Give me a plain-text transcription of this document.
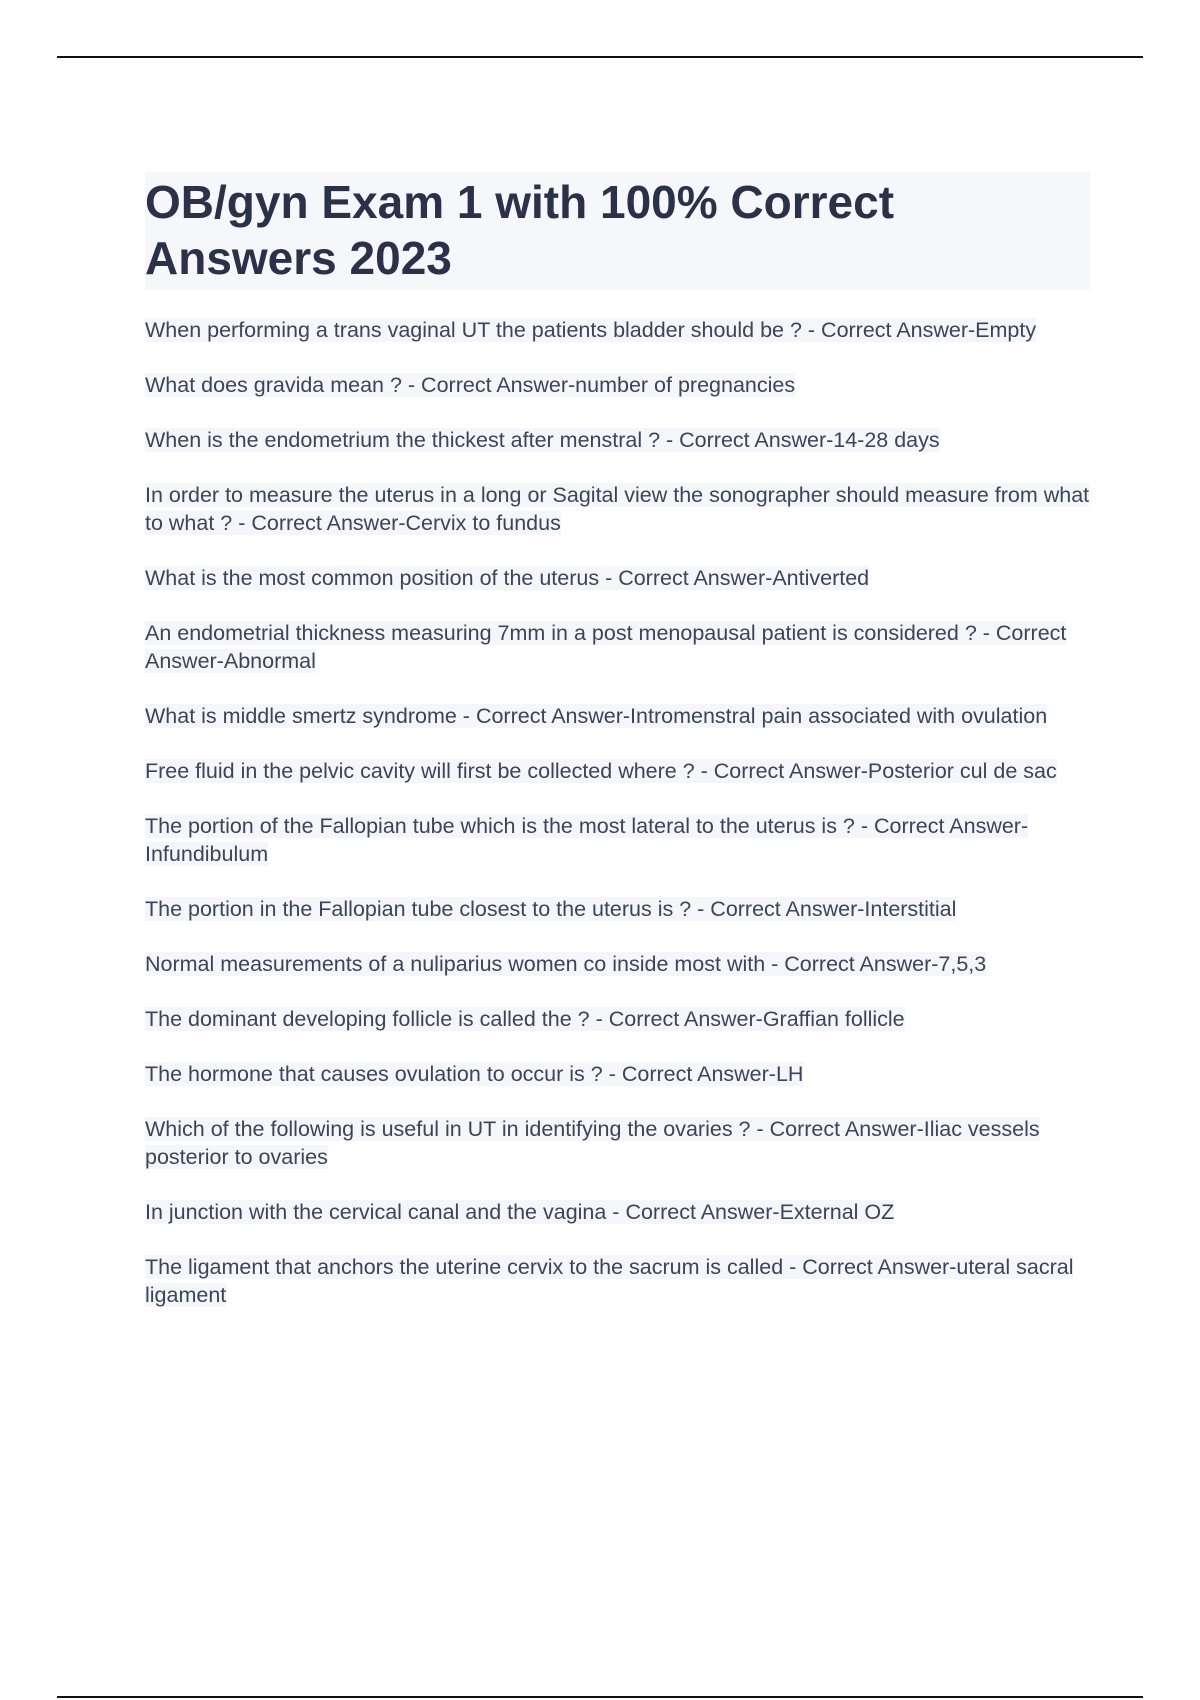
OB/gyn Exam 1 with 100% Correct Answers 2023
When performing a trans vaginal UT the patients bladder should be ? - Correct Answer-Empty
What does gravida mean ? - Correct Answer-number of pregnancies
When is the endometrium the thickest after menstral ? - Correct Answer-14-28 days
In order to measure the uterus in a long or Sagital view the sonographer should measure from what to what ? - Correct Answer-Cervix to fundus
What is the most common position of the uterus - Correct Answer-Antiverted
An endometrial thickness measuring 7mm in a post menopausal patient is considered ? - Correct Answer-Abnormal
What is middle smertz syndrome - Correct Answer-Intromenstral pain associated with ovulation
Free fluid in the pelvic cavity will first be collected where ? - Correct Answer-Posterior cul de sac
The portion of the Fallopian tube which is the most lateral to the uterus is ? - Correct Answer-Infundibulum
The portion in the Fallopian tube closest to the uterus is ? - Correct Answer-Interstitial
Normal measurements of a nuliparius women co inside most with - Correct Answer-7,5,3
The dominant developing follicle is called the ? - Correct Answer-Graffian follicle
The hormone that causes ovulation to occur is ? - Correct Answer-LH
Which of the following is useful in UT in identifying the ovaries ? - Correct Answer-Iliac vessels posterior to ovaries
In junction with the cervical canal and the vagina - Correct Answer-External OZ
The ligament that anchors the uterine cervix to the sacrum is called - Correct Answer-uteral sacral ligament
